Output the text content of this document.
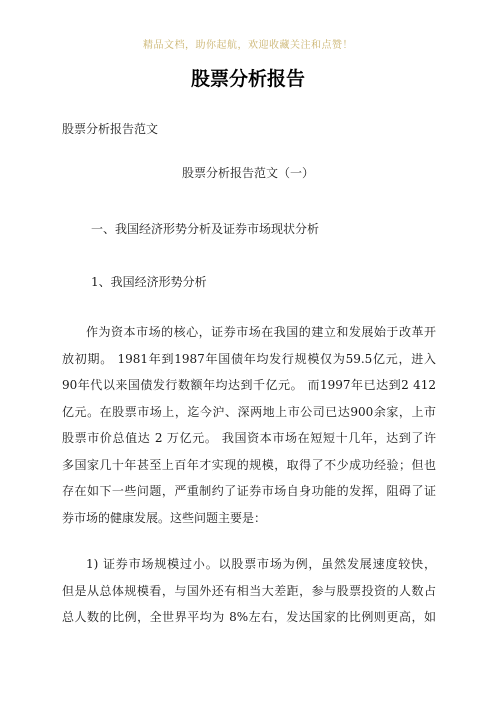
精品文档，助你起航，欢迎收藏关注和点赞！
股票分析报告
股票分析报告范文
股票分析报告范文（一）
一、我国经济形势分析及证券市场现状分析
1、我国经济形势分析
作为资本市场的核心，证券市场在我国的建立和发展始于改革开
放初期。 1981年到1987年国债年均发行规模仅为59.5亿元，进入
90年代以来国债发行数额年均达到千亿元。 而1997年已达到2 412
亿元。在股票市场上，迄今沪、深两地上市公司已达900余家，上市
股票市价总值达 2 万亿元。 我国资本市场在短短十几年，达到了许
多国家几十年甚至上百年才实现的规模，取得了不少成功经验；但也
存在如下一些问题，严重制约了证券市场自身功能的发挥，阻碍了证
券市场的健康发展。这些问题主要是：
1) 证券市场规模过小。以股票市场为例，虽然发展速度较快，
但是从总体规模看，与国外还有相当大差距，参与股票投资的人数占
总人数的比例，全世界平均为 8%左右，发达国家的比例则更高，如
